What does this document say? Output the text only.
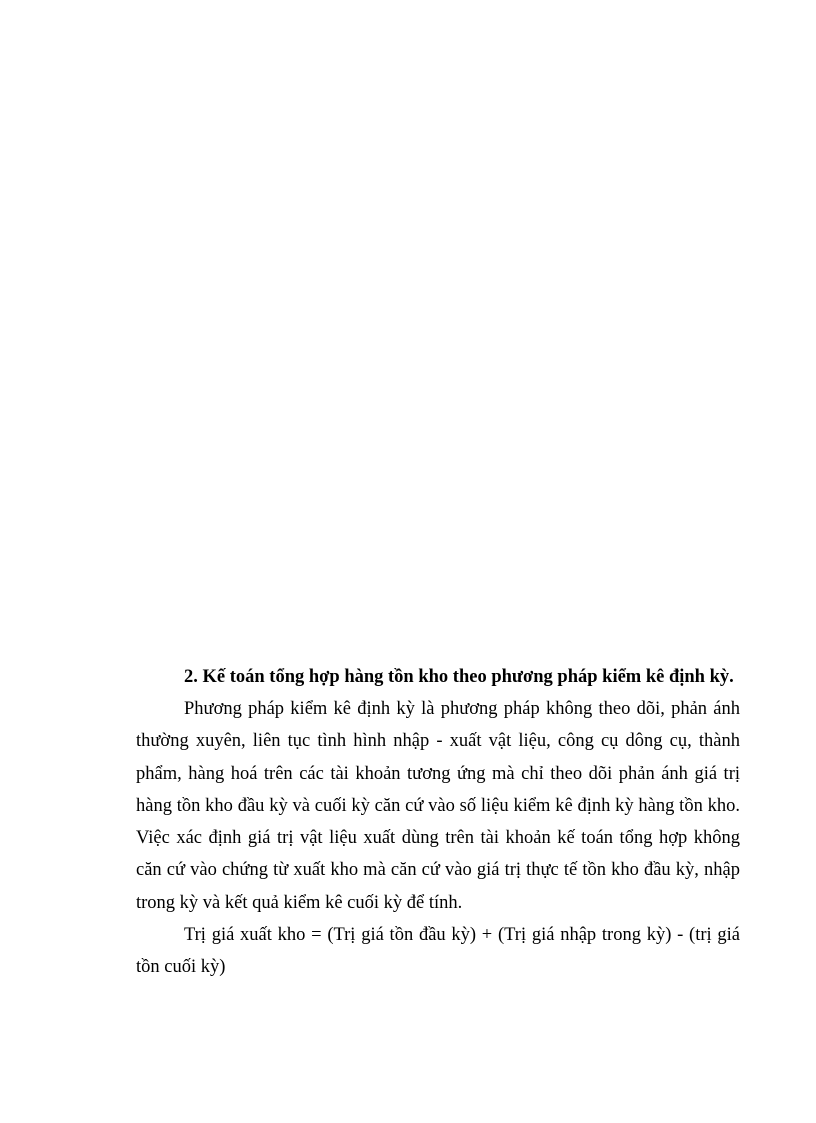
2. Kế toán tổng hợp hàng tồn kho theo phương pháp kiểm kê định kỳ.

Phương pháp kiểm kê định kỳ là phương pháp không theo dõi, phản ánh thường xuyên, liên tục tình hình nhập - xuất vật liệu, công cụ dông cụ, thành phẩm, hàng hoá trên các tài khoản tương ứng mà chỉ theo dõi phản ánh giá trị hàng tồn kho đầu kỳ và cuối kỳ căn cứ vào số liệu kiểm kê định kỳ hàng tồn kho. Việc xác định giá trị vật liệu xuất dùng trên tài khoản kế toán tổng hợp không căn cứ vào chứng từ xuất kho mà căn cứ vào giá trị thực tế tồn kho đầu kỳ, nhập trong kỳ và kết quả kiểm kê cuối kỳ để tính.

Trị giá xuất kho = (Trị giá tồn đầu kỳ) + (Trị giá nhập trong kỳ) - (trị giá tồn cuối kỳ)
